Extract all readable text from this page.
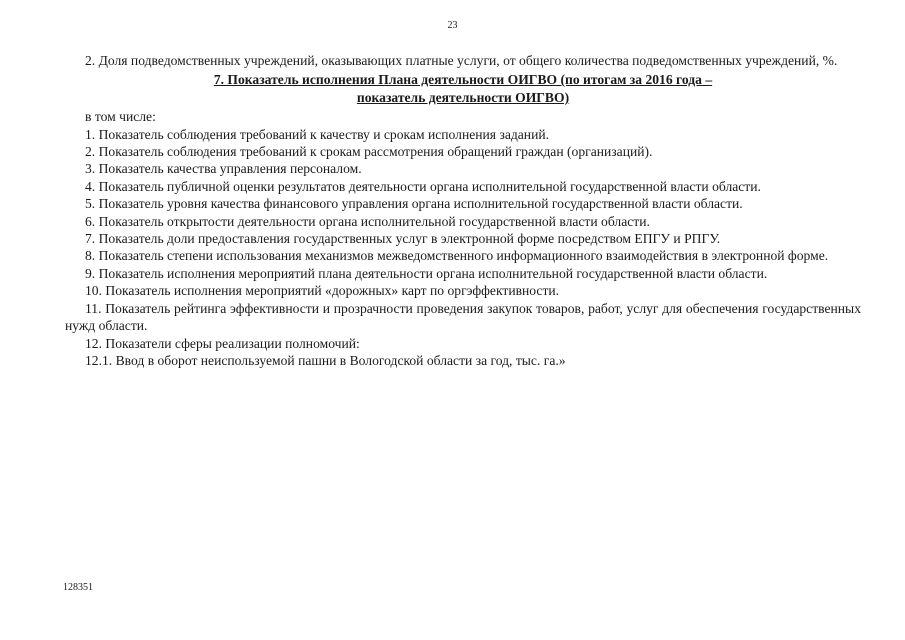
23

2. Доля подведомственных учреждений, оказывающих платные услуги, от общего количества подведомственных учреждений, %.

7. Показатель исполнения Плана деятельности ОИГВО (по итогам за 2016 года –
показатель деятельности ОИГВО)

в том числе:

1. Показатель соблюдения требований к качеству и срокам исполнения заданий.

2. Показатель соблюдения требований к срокам рассмотрения обращений граждан (организаций).

3. Показатель качества управления персоналом.

4. Показатель публичной оценки результатов деятельности органа исполнительной государственной власти области.

5. Показатель уровня качества финансового управления органа исполнительной государственной власти области.

6. Показатель открытости деятельности органа исполнительной государственной власти области.

7. Показатель доли предоставления государственных услуг в электронной форме посредством ЕПГУ и РПГУ.

8. Показатель степени использования механизмов межведомственного информационного взаимодействия в электронной форме.

9. Показатель исполнения мероприятий плана деятельности органа исполнительной государственной власти области.

10. Показатель исполнения мероприятий «дорожных» карт по оргэффективности.

11. Показатель рейтинга эффективности и прозрачности проведения закупок товаров, работ, услуг для обеспечения государственных нужд области.

12. Показатели сферы реализации полномочий:

12.1. Ввод в оборот неиспользуемой пашни в Вологодской области за год, тыс. га.»

128351
